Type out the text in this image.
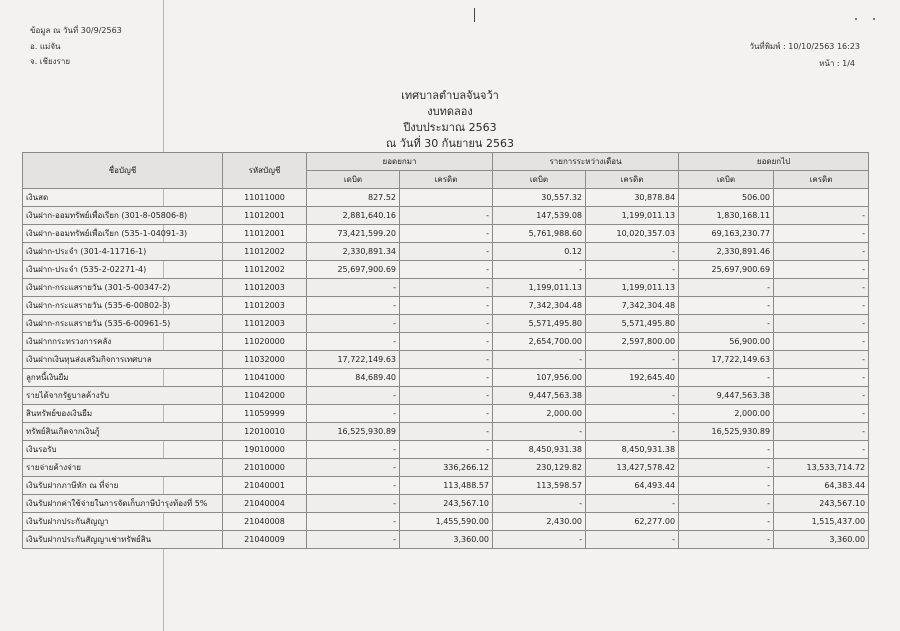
ข้อมูล ณ วันที่ 30/9/2563
อ. แม่จัน
จ. เชียงราย
วันที่พิมพ์ : 10/10/2563 16:23
หน้า : 1/4
เทศบาลตำบลจันจว้า
งบทดลอง
ปีงบประมาณ 2563
ณ วันที่ 30 กันยายน 2563
ชื่อบัญชี	รหัสบัญชี	ยอดยกมา		รายการระหว่างเดือน		ยอดยกไป	
		เดบิต	เครดิต	เดบิต	เครดิต	เดบิต	เครดิต
เงินสด	11011000	827.52		30,557.32	30,878.84	506.00	
เงินฝาก-ออมทรัพย์เพื่อเรียก (301-8-05806-8)	11012001	2,881,640.16	-	147,539.08	1,199,011.13	1,830,168.11	-
เงินฝาก-ออมทรัพย์เพื่อเรียก (535-1-04091-3)	11012001	73,421,599.20	-	5,761,988.60	10,020,357.03	69,163,230.77	-
เงินฝาก-ประจำ (301-4-11716-1)	11012002	2,330,891.34	-	0.12	-	2,330,891.46	-
เงินฝาก-ประจำ (535-2-02271-4)	11012002	25,697,900.69	-	-	-	25,697,900.69	-
เงินฝาก-กระแสรายวัน (301-5-00347-2)	11012003	-	-	1,199,011.13	1,199,011.13	-	-
เงินฝาก-กระแสรายวัน (535-6-00802-3)	11012003	-	-	7,342,304.48	7,342,304.48	-	-
เงินฝาก-กระแสรายวัน (535-6-00961-5)	11012003	-	-	5,571,495.80	5,571,495.80	-	-
เงินฝากกระทรวงการคลัง	11020000	-	-	2,654,700.00	2,597,800.00	56,900.00	-
เงินฝากเงินทุนส่งเสริมกิจการเทศบาล	11032000	17,722,149.63	-	-	-	17,722,149.63	-
ลูกหนี้เงินยืม	11041000	84,689.40	-	107,956.00	192,645.40	-	-
รายได้จากรัฐบาลค้างรับ	11042000	-	-	9,447,563.38	-	9,447,563.38	-
สินทรัพย์ของเงินยืม	11059999	-	-	2,000.00	-	2,000.00	-
ทรัพย์สินเกิดจากเงินกู้	12010010	16,525,930.89	-	-	-	16,525,930.89	-
เงินรอรับ	19010000	-	-	8,450,931.38	8,450,931.38	-	-
รายจ่ายค้างจ่าย	21010000	-	336,266.12	230,129.82	13,427,578.42	-	13,533,714.72
เงินรับฝากภาษีหัก ณ ที่จ่าย	21040001	-	113,488.57	113,598.57	64,493.44	-	64,383.44
เงินรับฝากค่าใช้จ่ายในการจัดเก็บภาษีบำรุงท้องที่ 5%	21040004	-	243,567.10	-	-	-	243,567.10
เงินรับฝากประกันสัญญา	21040008	-	1,455,590.00	2,430.00	62,277.00	-	1,515,437.00
เงินรับฝากประกันสัญญาเช่าทรัพย์สิน	21040009	-	3,360.00	-	-	-	3,360.00
